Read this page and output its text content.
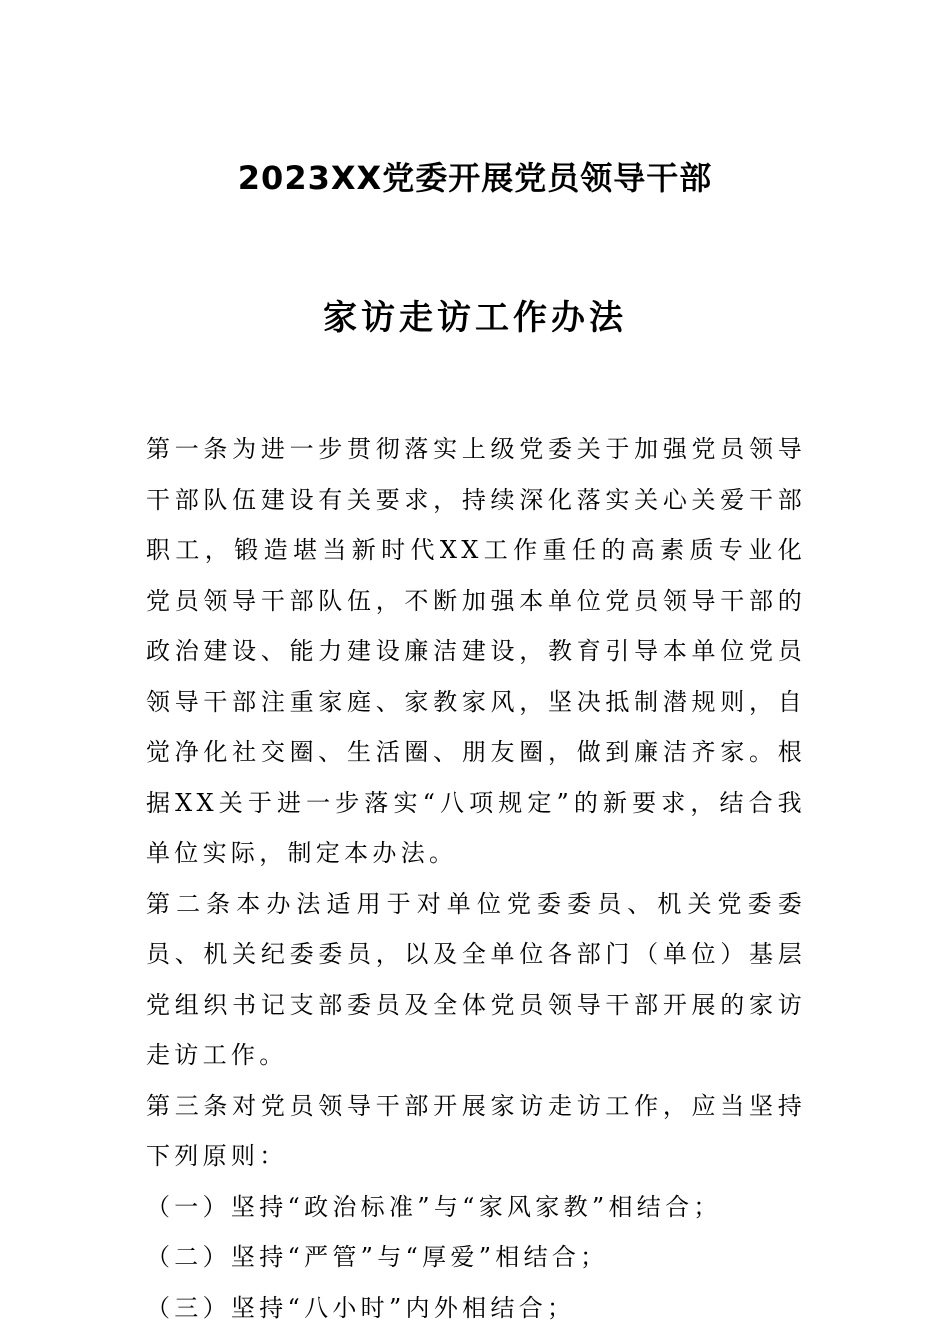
2023XX党委开展党员领导干部
家访走访工作办法

第一条为进一步贯彻落实上级党委关于加强党员领导干部队伍建设有关要求，持续深化落实关心关爱干部职工，锻造堪当新时代XX工作重任的高素质专业化党员领导干部队伍，不断加强本单位党员领导干部的政治建设、能力建设廉洁建设，教育引导本单位党员领导干部注重家庭、家教家风，坚决抵制潜规则，自觉净化社交圈、生活圈、朋友圈，做到廉洁齐家。根据XX关于进一步落实“八项规定”的新要求，结合我单位实际，制定本办法。

第二条本办法适用于对单位党委委员、机关党委委员、机关纪委委员，以及全单位各部门（单位）基层党组织书记支部委员及全体党员领导干部开展的家访走访工作。

第三条对党员领导干部开展家访走访工作，应当坚持下列原则：

（一）坚持“政治标准”与“家风家教”相结合；

（二）坚持“严管”与“厚爱”相结合；

（三）坚持“八小时”内外相结合；
